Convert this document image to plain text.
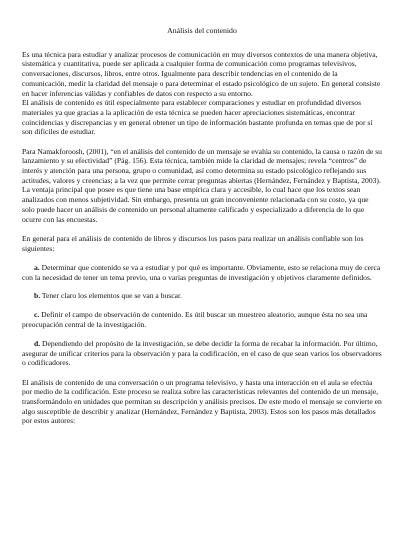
Análisis del contenido

Es una técnica para estudiar y analizar procesos de comunicación en muy diversos contextos de una manera objetiva, sistemática y cuantitativa, puede ser aplicada a cualquier forma de comunicación como programas televisivos, conversaciones, discursos, libros, entre otros. Igualmente para describir tendencias en el contenido de la comunicación, medir la claridad del mensaje o para determinar el estado psicológico de un sujeto. En general consiste en hacer inferencias válidas y confiables de datos con respecto a su entorno.

El análisis de contenido es útil especialmente para establecer comparaciones y estudiar en profundidad diversos materiales ya que gracias a la aplicación de esta técnica se pueden hacer apreciaciones sistemáticas, encontrar coincidencias y discrepancias y en general obtener un tipo de información bastante profunda en temas que de por sí son difíciles de estudiar.

Para Namakforoosh, (2001), “en el análisis del contenido de un mensaje se evalúa su contenido, la causa o razón de su lanzamiento y su efectividad” (Pág. 156). Esta técnica, también mide la claridad de mensajes; revela “centros” de interés y atención para una persona, grupo o comunidad, así como determina su estado psicológico reflejando sus actitudes, valores y creencias; a la vez que permite cerrar preguntas abiertas (Hernández, Fernández y Baptista, 2003). La ventaja principal que posee es que tiene una base empírica clara y accesible, lo cual hace que los textos sean analizados con menos subjetividad. Sin embargo, presenta un gran inconveniente relacionada con su costo, ya que solo puede hacer un análisis de contenido un personal altamente calificado y especializado a diferencia de lo que ocurre con las encuestas.

En general para el análisis de contenido de libros y discursos los pasos para realizar un análisis confiable son los siguientes:

a. Determinar que contenido se va a estudiar y por qué es importante. Obviamente, esto se relaciona muy de cerca con la necesidad de tener un tema previo, una o varias preguntas de investigación y objetivos claramente definidos.

b. Tener claro los elementos que se van a buscar.

c. Definir el campo de observación de contenido. Es útil buscar un muestreo aleatorio, aunque ésta no sea una preocupación central de la investigación.

d. Dependiendo del propósito de la investigación, se debe decidir la forma de recabar la información. Por último, asegurar de unificar criterios para la observación y para la codificación, en el caso de que sean varios los observadores o codificadores.

El análisis de contenido de una conversación o un programa televisivo, y hasta una interacción en el aula se efectúa por medio de la codificación. Este proceso se realiza sobre las características relevantes del contenido de un mensaje, transformándolo en unidades que permitan su descripción y análisis precisos. De este modo el mensaje se convierte en algo susceptible de describir y analizar (Hernández, Fernández y Baptista, 2003). Estos son los pasos más detallados por estos autores:
